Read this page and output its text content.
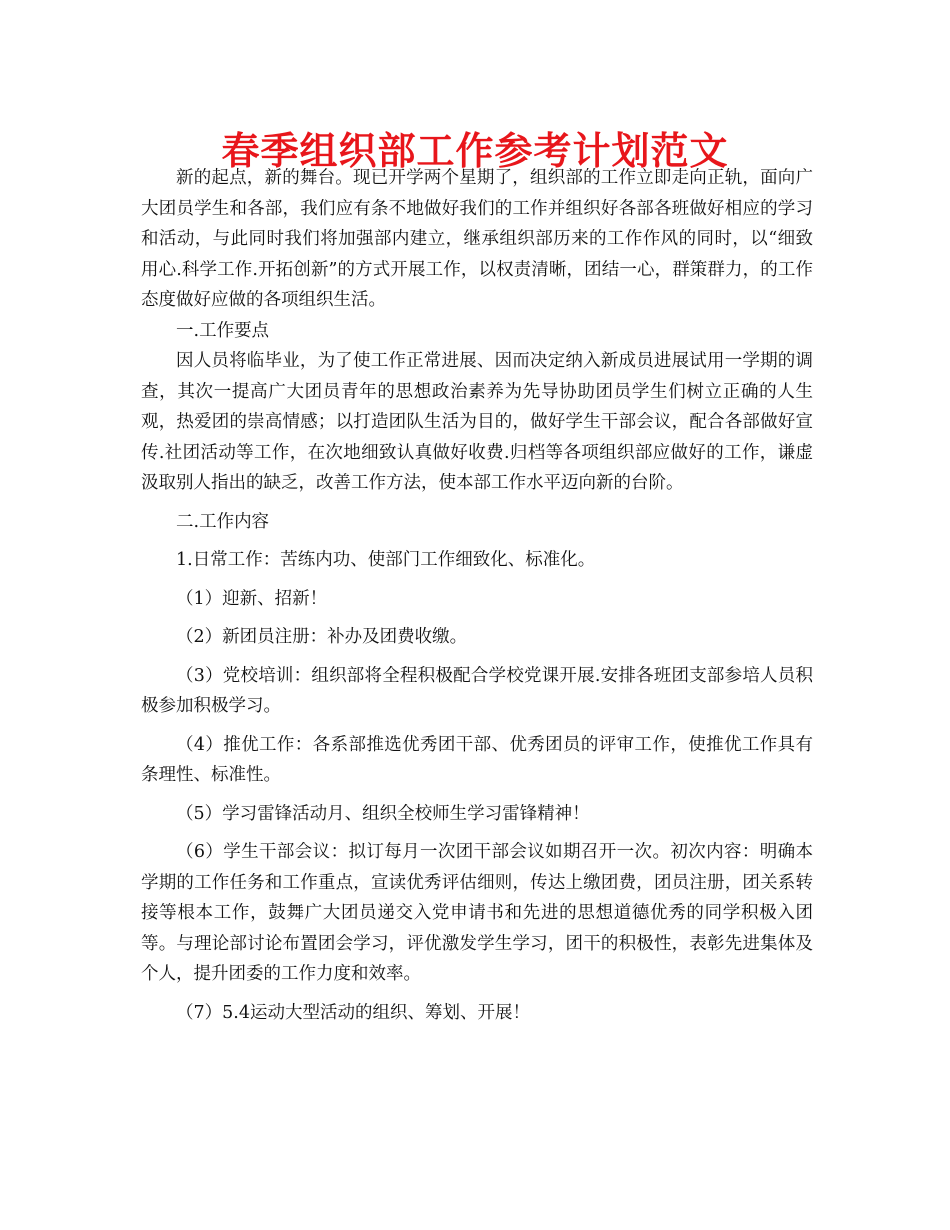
春季组织部工作参考计划范文

新的起点，新的舞台。现已开学两个星期了，组织部的工作立即走向正轨，面向广大团员学生和各部，我们应有条不地做好我们的工作并组织好各部各班做好相应的学习和活动，与此同时我们将加强部内建立，继承组织部历来的工作作风的同时，以“细致用心.科学工作.开拓创新”的方式开展工作，以权责清晰，团结一心，群策群力，的工作态度做好应做的各项组织生活。

一.工作要点

因人员将临毕业，为了使工作正常进展、因而决定纳入新成员进展试用一学期的调查，其次一提高广大团员青年的思想政治素养为先导协助团员学生们树立正确的人生观，热爱团的崇高情感；以打造团队生活为目的，做好学生干部会议，配合各部做好宣传.社团活动等工作，在次地细致认真做好收费.归档等各项组织部应做好的工作，谦虚汲取别人指出的缺乏，改善工作方法，使本部工作水平迈向新的台阶。

二.工作内容

1.日常工作：苦练内功、使部门工作细致化、标准化。

（1）迎新、招新！

（2）新团员注册：补办及团费收缴。

（3）党校培训：组织部将全程积极配合学校党课开展.安排各班团支部参培人员积极参加积极学习。

（4）推优工作：各系部推选优秀团干部、优秀团员的评审工作，使推优工作具有条理性、标准性。

（5）学习雷锋活动月、组织全校师生学习雷锋精神！

（6）学生干部会议：拟订每月一次团干部会议如期召开一次。初次内容：明确本学期的工作任务和工作重点，宣读优秀评估细则，传达上缴团费，团员注册，团关系转接等根本工作，鼓舞广大团员递交入党申请书和先进的思想道德优秀的同学积极入团等。与理论部讨论布置团会学习，评优激发学生学习，团干的积极性，表彰先进集体及个人，提升团委的工作力度和效率。

（7）5.4运动大型活动的组织、筹划、开展！
